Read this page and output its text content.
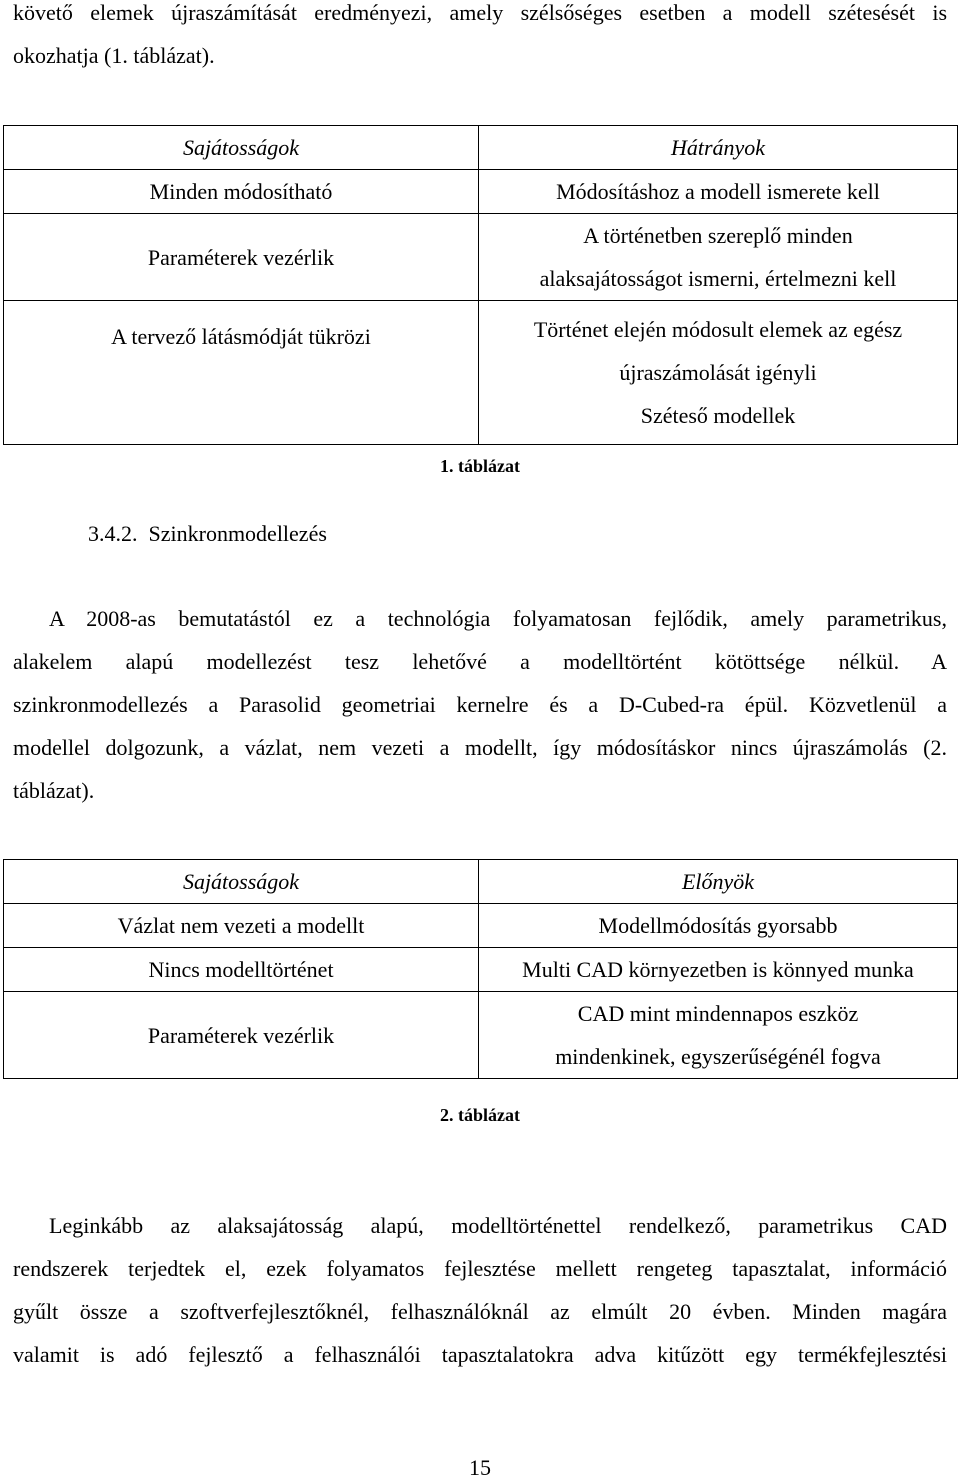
követő elemek újraszámítását eredményezi, amely szélsőséges esetben a modell szétesését is
okozhatja (1. táblázat).
Sajátosságok	Hátrányok
Minden módosítható	Módosításhoz a modell ismerete kell

Paraméterek vezérlik	A történetben szereplő minden
alaksajátosságot ismerni, értelmezni kell

A tervező látásmódját tükrözi	Történet elején módosult elemek az egész
újraszámolását igényli
Széteső modellek
1. táblázat
3.4.2. Szinkronmodellezés
A 2008-as bemutatástól ez a technológia folyamatosan fejlődik, amely parametrikus,
alakelem alapú modellezést tesz lehetővé a modelltörtént kötöttsége nélkül. A
szinkronmodellezés a Parasolid geometriai kernelre és a D-Cubed-ra épül. Közvetlenül a
modellel dolgozunk, a vázlat, nem vezeti a modellt, így módosításkor nincs újraszámolás (2.
táblázat).
Sajátosságok	Előnyök
Vázlat nem vezeti a modellt	Modellmódosítás gyorsabb

Nincs modelltörténet	Multi CAD környezetben is könnyed munka

Paraméterek vezérlik	CAD mint mindennapos eszköz
mindenkinek, egyszerűségénél fogva
2. táblázat
Leginkább az alaksajátosság alapú, modelltörténettel rendelkező, parametrikus CAD
rendszerek terjedtek el, ezek folyamatos fejlesztése mellett rengeteg tapasztalat, információ
gyűlt össze a szoftverfejlesztőknél, felhasználóknál az elmúlt 20 évben. Minden magára
valamit is adó fejlesztő a felhasználói tapasztalatokra adva kitűzött egy termékfejlesztési
15
